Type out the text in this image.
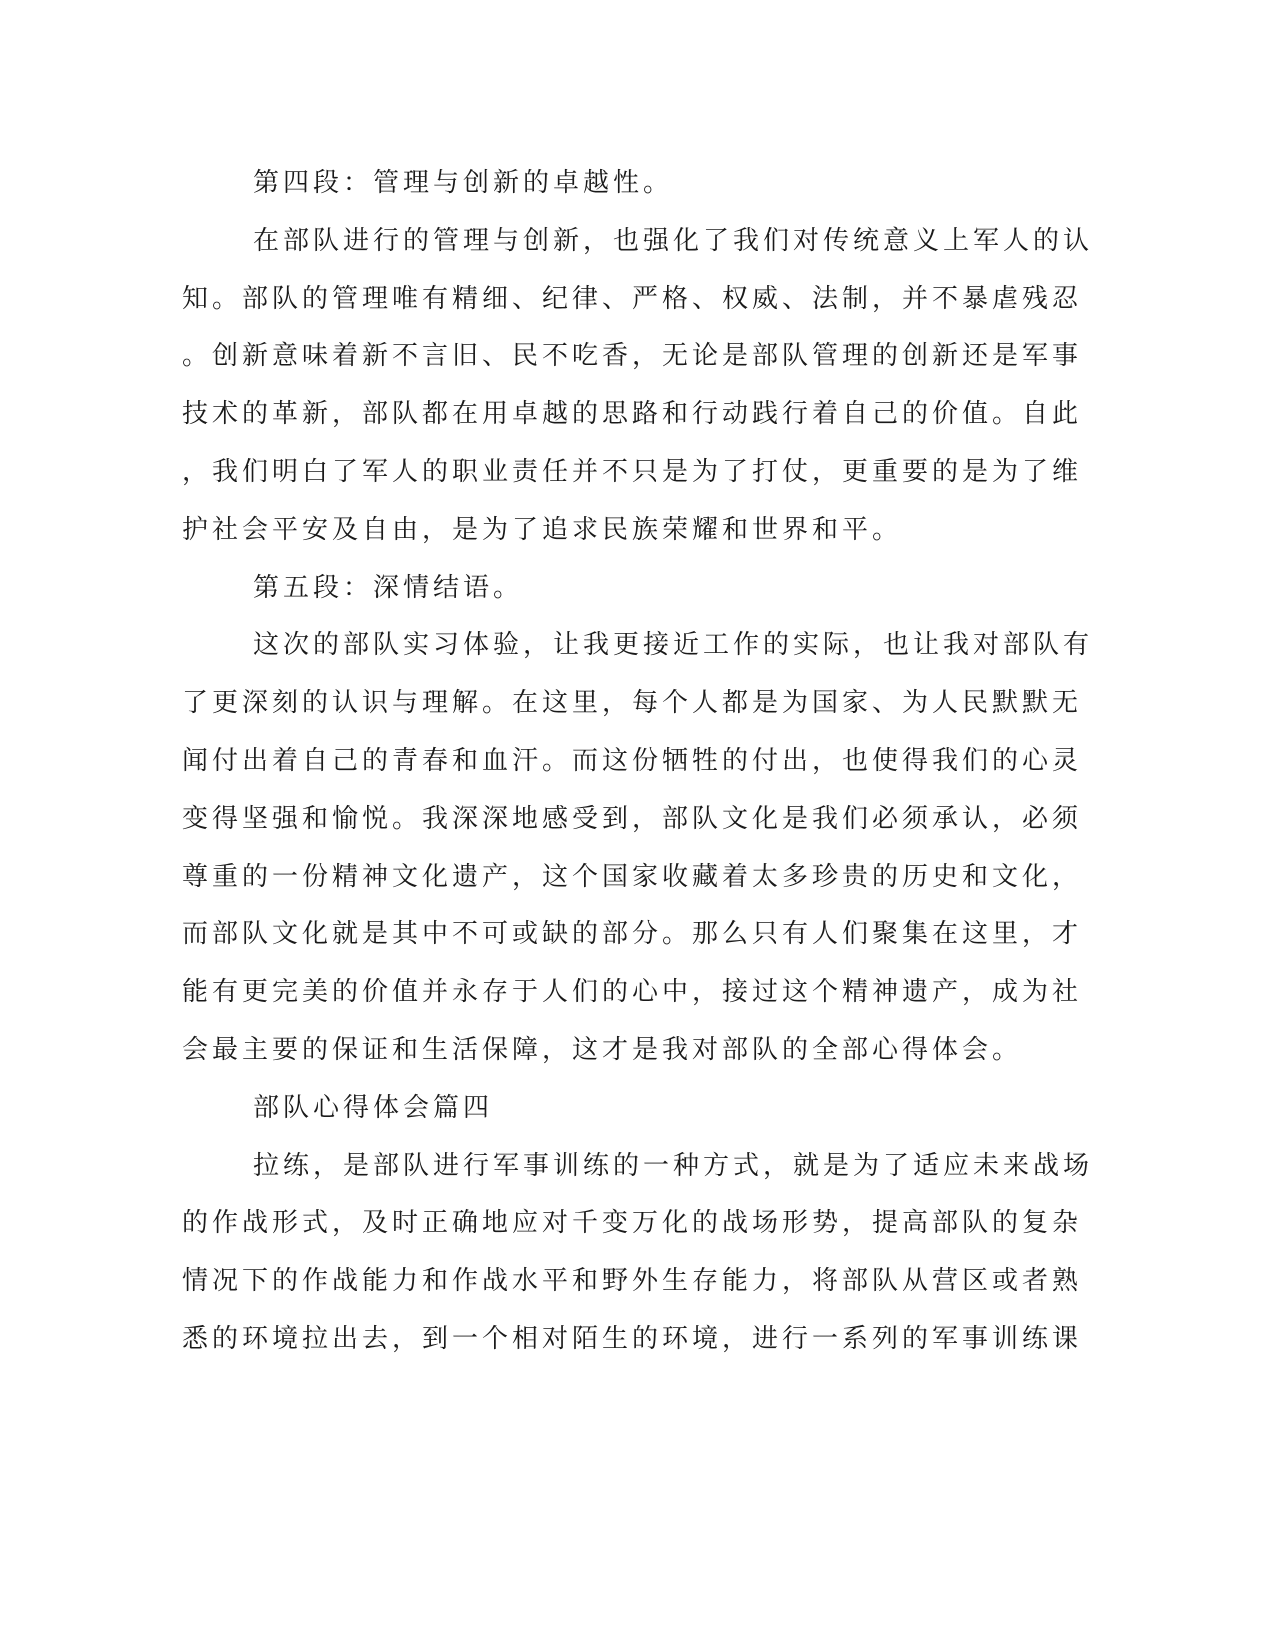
第四段：管理与创新的卓越性。
在部队进行的管理与创新，也强化了我们对传统意义上军人的认
知。部队的管理唯有精细、纪律、严格、权威、法制，并不暴虐残忍
。创新意味着新不言旧、民不吃香，无论是部队管理的创新还是军事
技术的革新，部队都在用卓越的思路和行动践行着自己的价值。自此
，我们明白了军人的职业责任并不只是为了打仗，更重要的是为了维
护社会平安及自由，是为了追求民族荣耀和世界和平。
第五段：深情结语。
这次的部队实习体验，让我更接近工作的实际，也让我对部队有
了更深刻的认识与理解。在这里，每个人都是为国家、为人民默默无
闻付出着自己的青春和血汗。而这份牺牲的付出，也使得我们的心灵
变得坚强和愉悦。我深深地感受到，部队文化是我们必须承认，必须
尊重的一份精神文化遗产，这个国家收藏着太多珍贵的历史和文化，
而部队文化就是其中不可或缺的部分。那么只有人们聚集在这里，才
能有更完美的价值并永存于人们的心中，接过这个精神遗产，成为社
会最主要的保证和生活保障，这才是我对部队的全部心得体会。
部队心得体会篇四
拉练，是部队进行军事训练的一种方式，就是为了适应未来战场
的作战形式，及时正确地应对千变万化的战场形势，提高部队的复杂
情况下的作战能力和作战水平和野外生存能力，将部队从营区或者熟
悉的环境拉出去，到一个相对陌生的环境，进行一系列的军事训练课
